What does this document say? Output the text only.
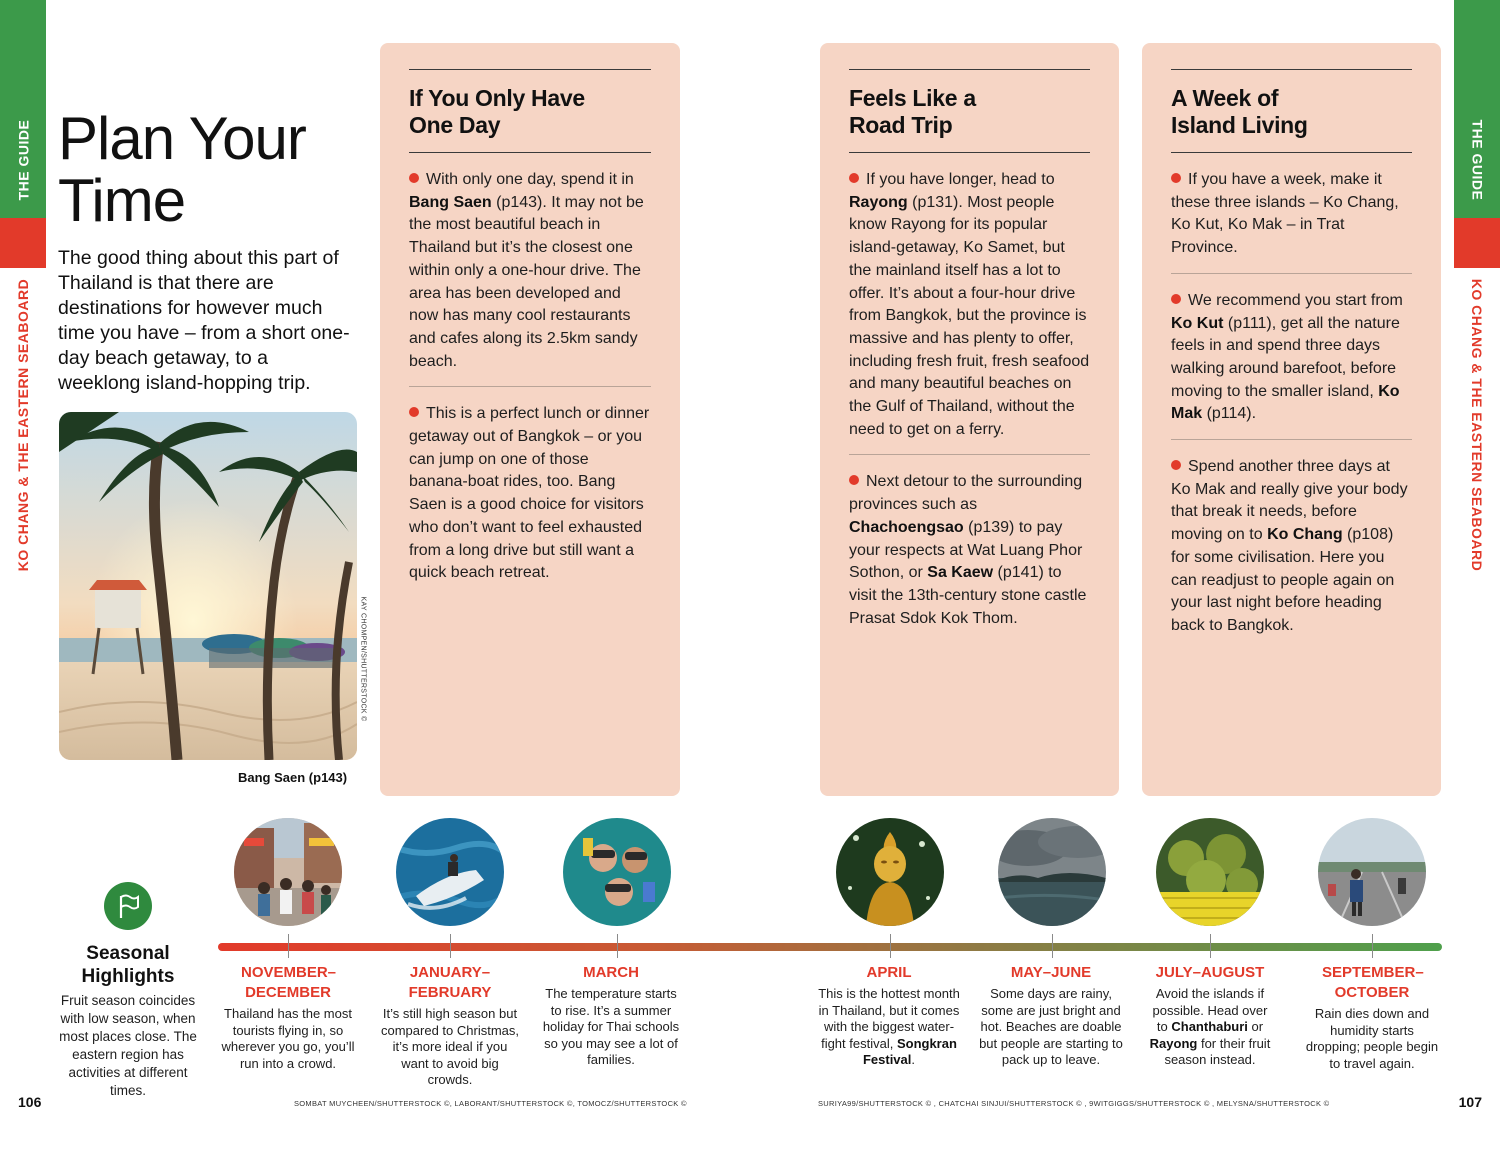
THE GUIDE
KO CHANG & THE EASTERN SEABOARD
THE GUIDE
KO CHANG & THE EASTERN SEABOARD
Plan Your
Time

The good thing about this part of Thailand is that there are destinations for however much time you have – from a short one-day beach getaway, to a weeklong island-hopping trip.

KAY CHOMPEN/SHUTTERSTOCK ©
Bang Saen (p143)
If You Only Have
One Day
With only one day, spend it in Bang Saen (p143). It may not be the most beautiful beach in Thailand but it’s the closest one within only a one-hour drive. The area has been developed and now has many cool restaurants and cafes along its 2.5km sandy beach.
This is a perfect lunch or dinner getaway out of Bangkok – or you can jump on one of those banana-boat rides, too. Bang Saen is a good choice for visitors who don’t want to feel exhausted from a long drive but still want a quick beach retreat.
Feels Like a
Road Trip
If you have longer, head to Rayong (p131). Most people know Rayong for its popular island-getaway, Ko Samet, but the mainland itself has a lot to offer. It’s about a four-hour drive from Bangkok, but the province is massive and has plenty to offer, including fresh fruit, fresh seafood and many beautiful beaches on the Gulf of Thailand, without the need to get on a ferry.
Next detour to the surrounding provinces such as Chachoengsao (p139) to pay your respects at Wat Luang Phor Sothon, or Sa Kaew (p141) to visit the 13th-century stone castle Prasat Sdok Kok Thom.
A Week of
Island Living
If you have a week, make it these three islands – Ko Chang, Ko Kut, Ko Mak – in Trat Province.
We recommend you start from Ko Kut (p111), get all the nature feels in and spend three days walking around barefoot, before moving to the smaller island, Ko Mak (p114).
Spend another three days at Ko Mak and really give your body that break it needs, before moving on to Ko Chang (p108) for some civilisation. Here you can readjust to people again on your last night before heading back to Bangkok.
Seasonal Highlights
Fruit season coincides with low season, when most places close. The eastern region has activities at different times.
NOVEMBER–DECEMBER
Thailand has the most tourists flying in, so wherever you go, you’ll run into a crowd.
JANUARY–FEBRUARY
It’s still high season but compared to Christmas, it’s more ideal if you want to avoid big crowds.
MARCH
The temperature starts to rise. It’s a summer holiday for Thai schools so you may see a lot of families.
APRIL
This is the hottest month in Thailand, but it comes with the biggest water-fight festival, Songkran Festival.
MAY–JUNE
Some days are rainy, some are just bright and hot. Beaches are doable but people are starting to pack up to leave.
JULY–AUGUST
Avoid the islands if possible. Head over to Chanthaburi or Rayong for their fruit season instead.
SEPTEMBER–OCTOBER
Rain dies down and humidity starts dropping; people begin to travel again.
106	107
SOMBAT MUYCHEEN/SHUTTERSTOCK ©, LABORANT/SHUTTERSTOCK ©, TOMOCZ/SHUTTERSTOCK ©	SURIYA99/SHUTTERSTOCK © , CHATCHAI SINJUI/SHUTTERSTOCK © , 9WITGIGGS/SHUTTERSTOCK © , MELYSNA/SHUTTERSTOCK ©
